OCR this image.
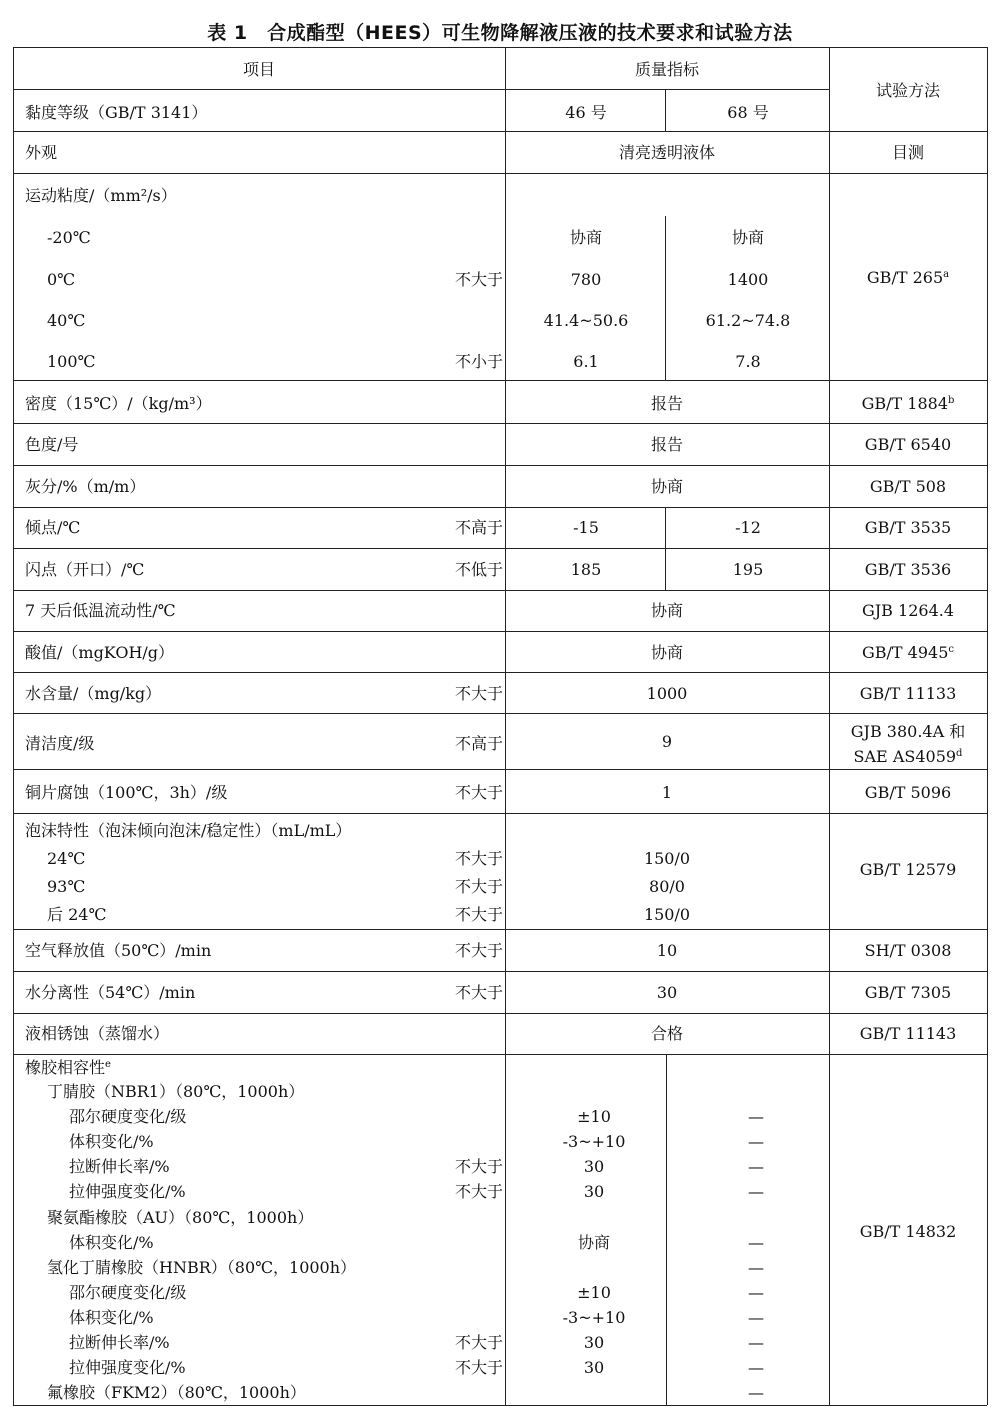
表 1　合成酯型（HEES）可生物降解液压液的技术要求和试验方法
项目	质量指标
试验方法
黏度等级（GB/T 3141）	46 号	68 号
外观	清亮透明液体	目测
运动粘度/（mm²/s）
-20℃	协商	协商
0℃	不大于	780	1400
40℃	41.4~50.6	61.2~74.8
100℃	不小于	6.1	7.8
GB/T 265$^a$
密度（15℃）/（kg/m³）	报告	GB/T 1884$^b$
色度/号	报告	GB/T 6540
灰分/%（m/m）	协商	GB/T 508
倾点/℃	不高于	-15	-12	GB/T 3535
闪点（开口）/℃	不低于	185	195	GB/T 3536
7 天后低温流动性/℃	协商	GJB 1264.4
酸值/（mgKOH/g）	协商	GB/T 4945$^c$
水含量/（mg/kg）	不大于	1000	GB/T 11133
清洁度/级	不高于	9
GJB 380.4A 和
SAE AS4059$^d$
铜片腐蚀（100℃，3h）/级	不大于	1	GB/T 5096
泡沫特性（泡沫倾向泡沫/稳定性）（mL/mL）
24℃	不大于	150/0
93℃	不大于	80/0
后 24℃	不大于	150/0
GB/T 12579
空气释放值（50℃）/min	不大于	10	SH/T 0308
水分离性（54℃）/min	不大于	30	GB/T 7305
液相锈蚀（蒸馏水）	合格	GB/T 11143
橡胶相容性$^e$
丁腈胶（NBR1）（80℃，1000h）
邵尔硬度变化/级	±10	—
体积变化/%	-3~+10	—
拉断伸长率/%	不大于	30	—
拉伸强度变化/%	不大于	30	—
聚氨酯橡胶（AU）（80℃，1000h）
体积变化/%	协商	—
氢化丁腈橡胶（HNBR）（80℃，1000h）	—
邵尔硬度变化/级	±10	—
体积变化/%	-3~+10	—
拉断伸长率/%	不大于	30	—
拉伸强度变化/%	不大于	30	—
氟橡胶（FKM2）（80℃，1000h）	—
GB/T 14832
